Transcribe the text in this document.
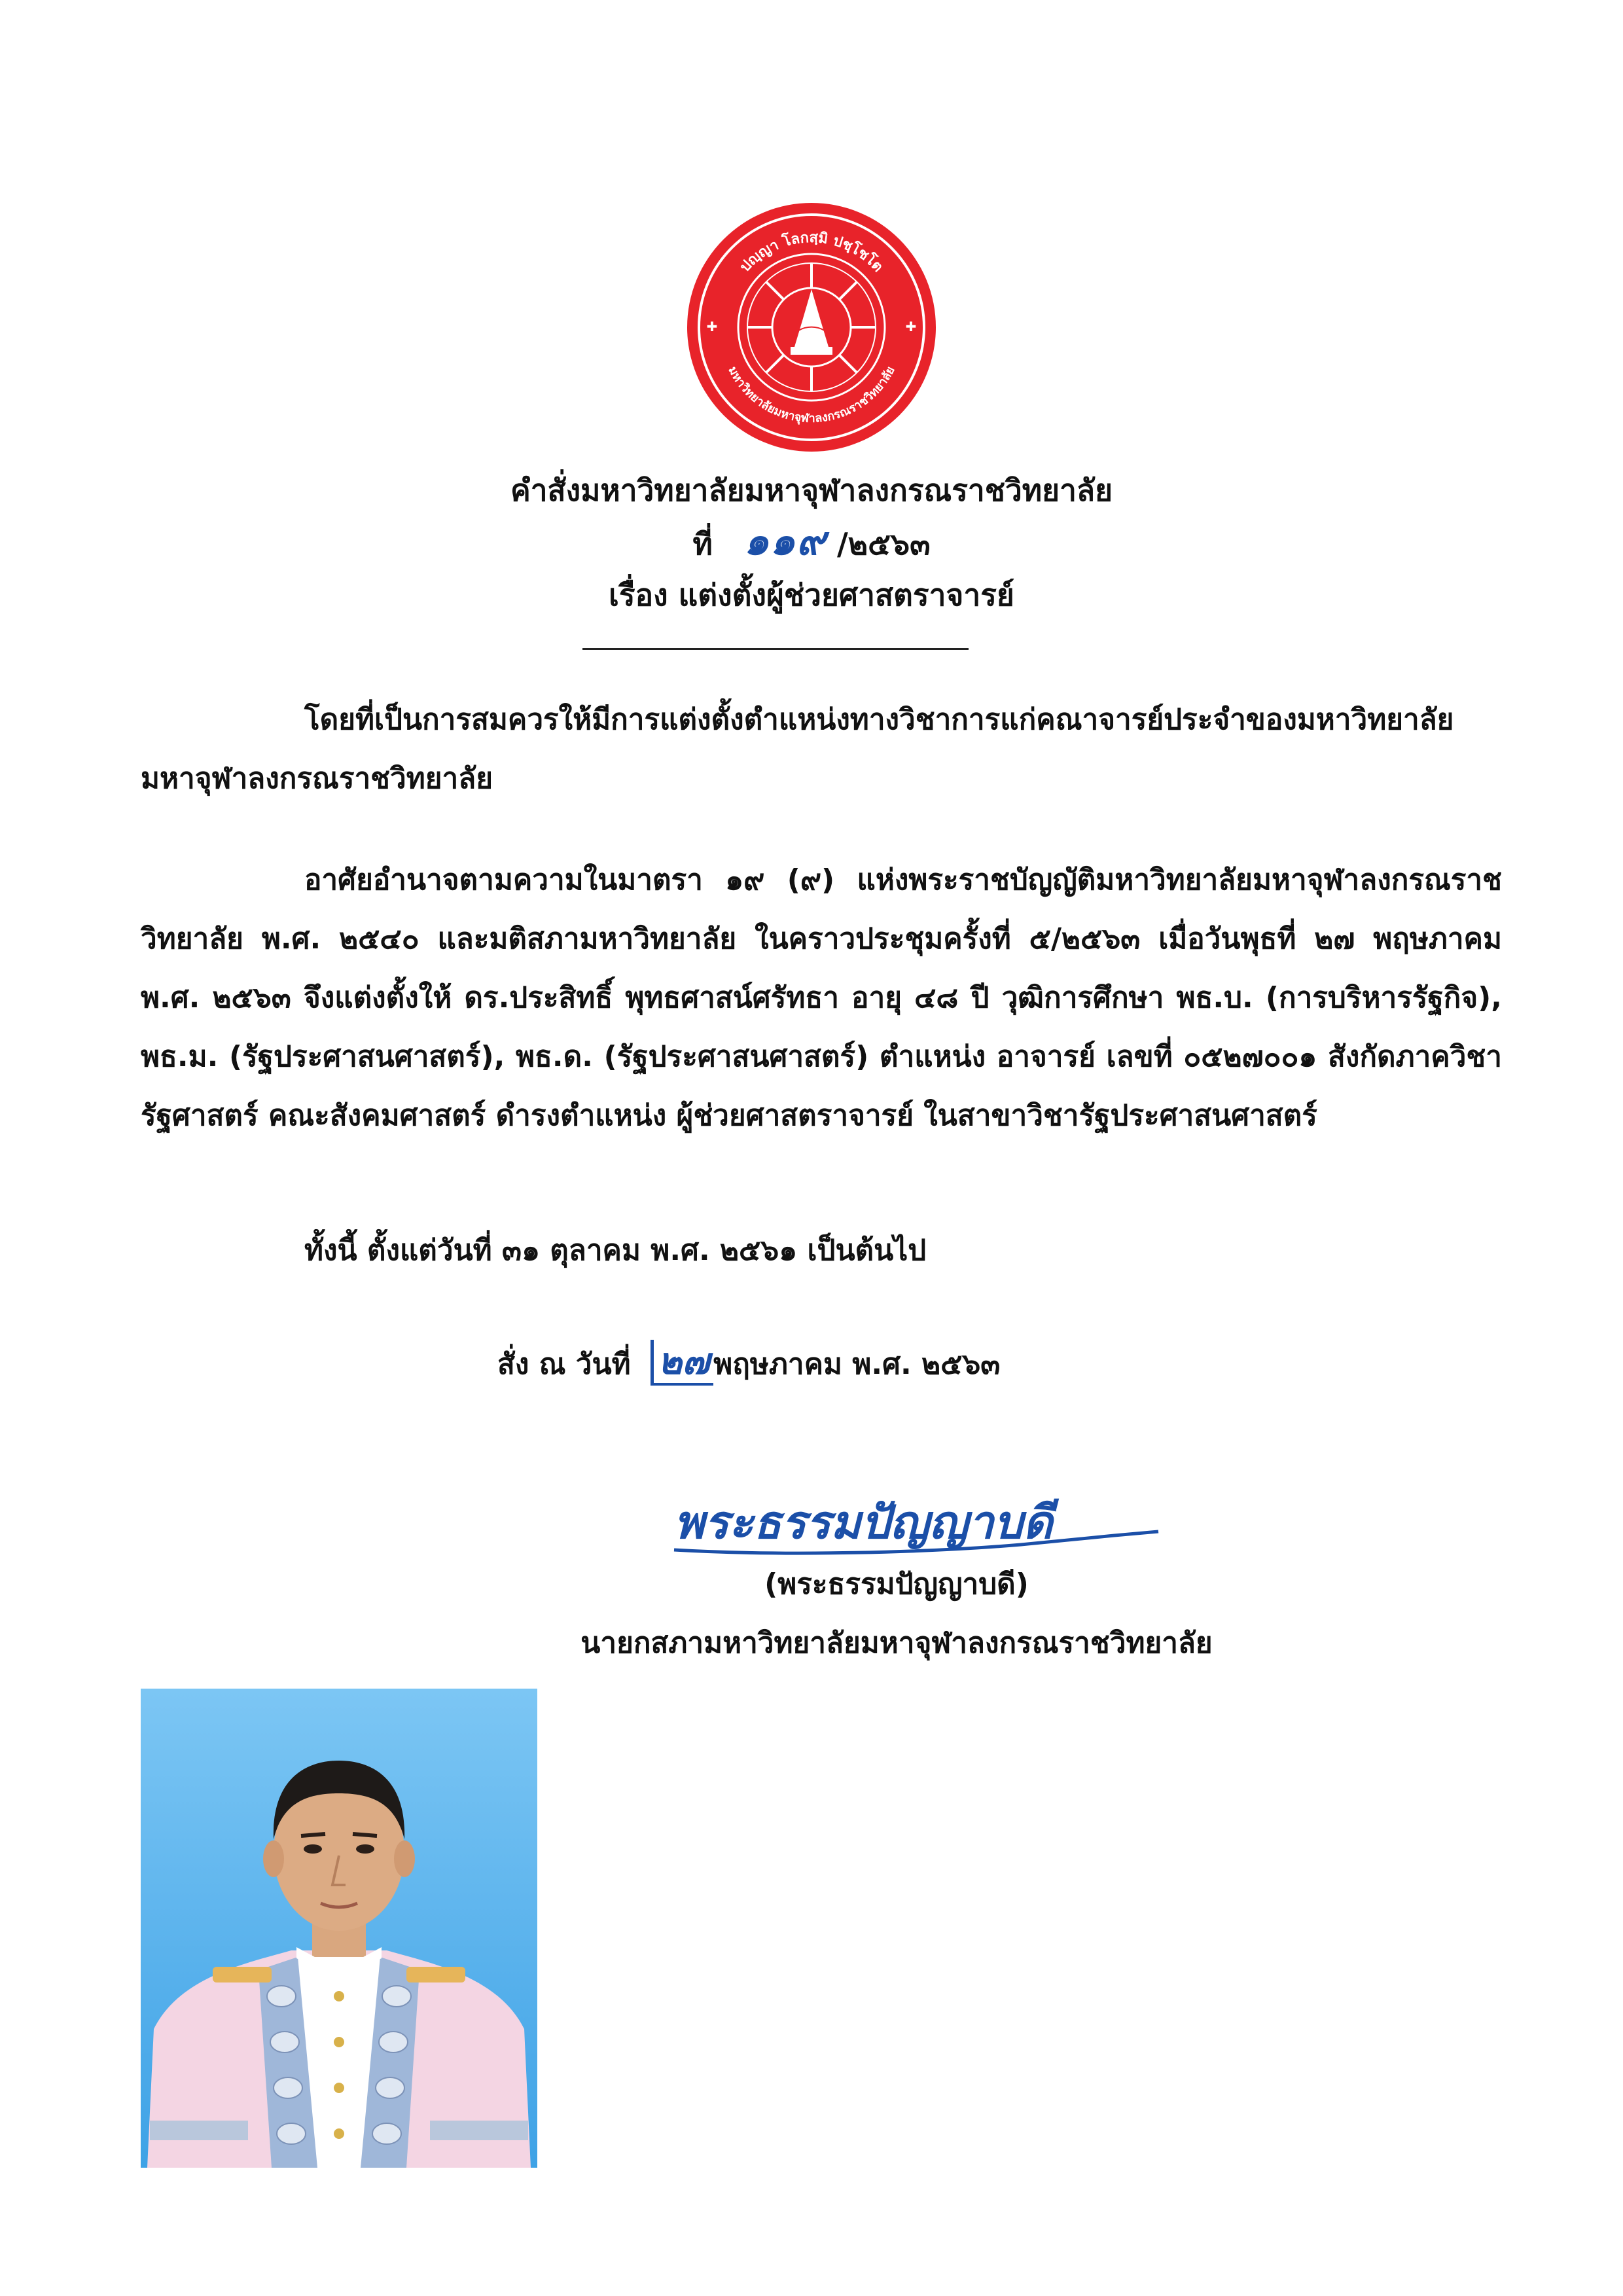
ปญฺญา โลกสฺมิ ปชฺโชโต
มหาวิทยาลัยมหาจุฬาลงกรณราชวิทยาลัย
✚	✚
คำสั่งมหาวิทยาลัยมหาจุฬาลงกรณราชวิทยาลัย
ที่ ๑๑๙ /๒๕๖๓
เรื่อง แต่งตั้งผู้ช่วยศาสตราจารย์
โดยที่เป็นการสมควรให้มีการแต่งตั้งตำแหน่งทางวิชาการแก่คณาจารย์ประจำของมหาวิทยาลัยมหาจุฬาลงกรณราชวิทยาลัย
อาศัยอำนาจตามความในมาตรา ๑๙ (๙) แห่งพระราชบัญญัติมหาวิทยาลัยมหาจุฬาลงกรณราชวิทยาลัย พ.ศ. ๒๕๔๐ และมติสภามหาวิทยาลัย ในคราวประชุมครั้งที่ ๕/๒๕๖๓ เมื่อวันพุธที่ ๒๗ พฤษภาคม พ.ศ. ๒๕๖๓ จึงแต่งตั้งให้ ดร.ประสิทธิ์ พุทธศาสน์ศรัทธา อายุ ๔๘ ปี วุฒิการศึกษา พธ.บ. (การบริหารรัฐกิจ), พธ.ม. (รัฐประศาสนศาสตร์), พธ.ด. (รัฐประศาสนศาสตร์) ตำแหน่ง อาจารย์ เลขที่ ๐๕๒๗๐๐๑ สังกัดภาควิชารัฐศาสตร์ คณะสังคมศาสตร์ ดำรงตำแหน่ง ผู้ช่วยศาสตราจารย์ ในสาขาวิชารัฐประศาสนศาสตร์
ทั้งนี้ ตั้งแต่วันที่ ๓๑ ตุลาคม พ.ศ. ๒๕๖๑ เป็นต้นไป
สั่ง ณ วันที่ ๒๗ พฤษภาคม พ.ศ. ๒๕๖๓
พระธรรมปัญญาบดี
(พระธรรมปัญญาบดี)
นายกสภามหาวิทยาลัยมหาจุฬาลงกรณราชวิทยาลัย
